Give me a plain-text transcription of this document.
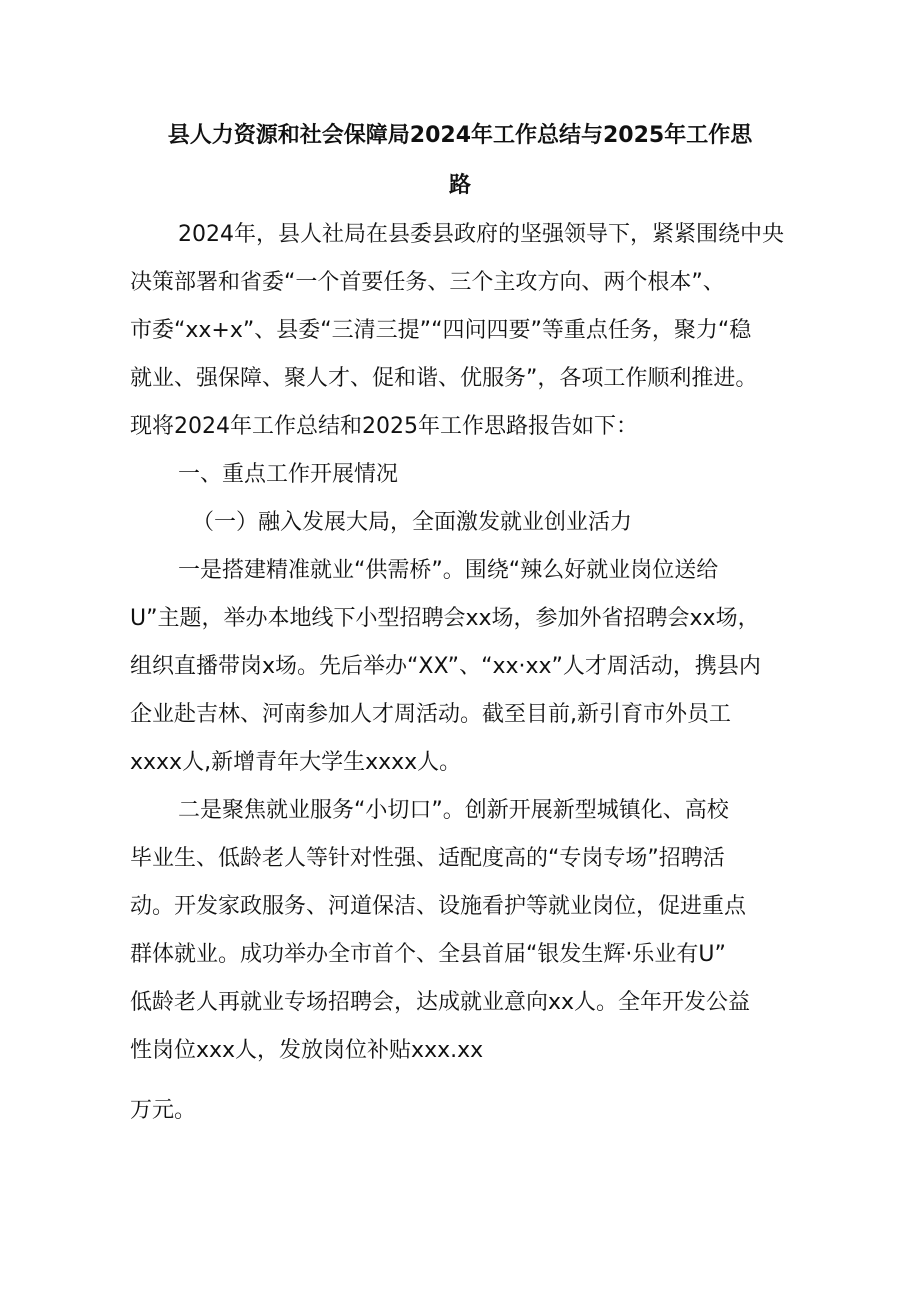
县人力资源和社会保障局2024年工作总结与2025年工作思
路

2024年，县人社局在县委县政府的坚强领导下，紧紧围绕中央

决策部署和省委“一个首要任务、三个主攻方向、两个根本”、

市委“xx+x”、县委“三清三提”“四问四要”等重点任务，聚力“稳

就业、强保障、聚人才、促和谐、优服务”，各项工作顺利推进。

现将2024年工作总结和2025年工作思路报告如下：

一、重点工作开展情况

（一）融入发展大局，全面激发就业创业活力

一是搭建精准就业“供需桥”。围绕“辣么好就业岗位送给

U”主题，举办本地线下小型招聘会xx场，参加外省招聘会xx场，

组织直播带岗x场。先后举办“XX”、“xx·xx”人才周活动，携县内

企业赴吉林、河南参加人才周活动。截至目前,新引育市外员工

xxxx人,新增青年大学生xxxx人。

二是聚焦就业服务“小切口”。创新开展新型城镇化、高校

毕业生、低龄老人等针对性强、适配度高的“专岗专场”招聘活

动。开发家政服务、河道保洁、设施看护等就业岗位，促进重点

群体就业。成功举办全市首个、全县首届“银发生辉·乐业有U”

低龄老人再就业专场招聘会，达成就业意向xx人。全年开发公益

性岗位xxx人，发放岗位补贴xxx.xx

万元。
